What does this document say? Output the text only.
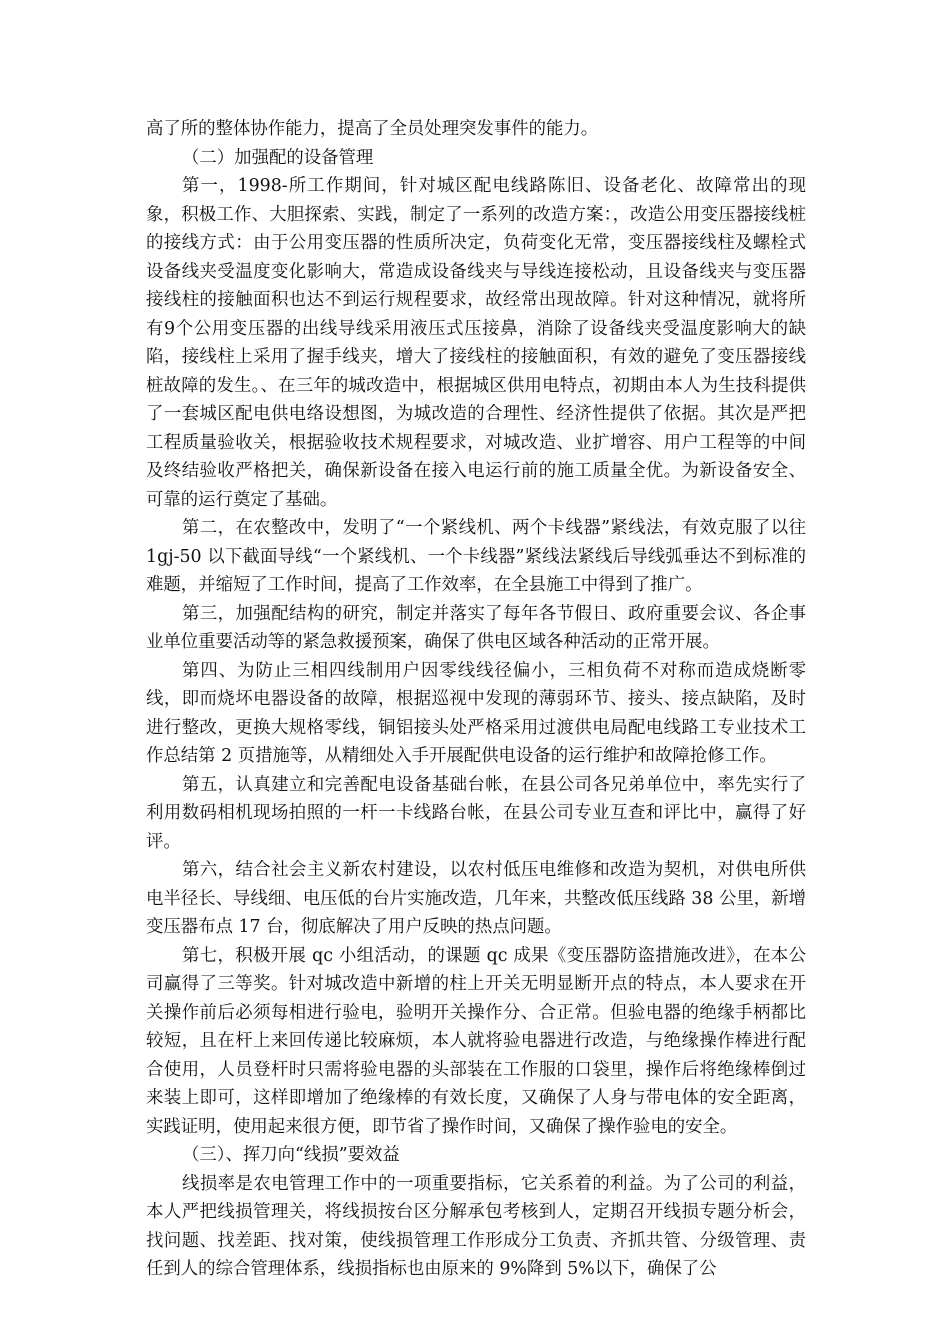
高了所的整体协作能力，提高了全员处理突发事件的能力。

（二）加强配的设备管理

第一，1998-所工作期间，针对城区配电线路陈旧、设备老化、故障常出的现象，积极工作、大胆探索、实践，制定了一系列的改造方案：，改造公用变压器接线桩的接线方式：由于公用变压器的性质所决定，负荷变化无常，变压器接线柱及螺栓式设备线夹受温度变化影响大，常造成设备线夹与导线连接松动，且设备线夹与变压器接线柱的接触面积也达不到运行规程要求，故经常出现故障。针对这种情况，就将所有9个公用变压器的出线导线采用液压式压接鼻，消除了设备线夹受温度影响大的缺陷，接线柱上采用了握手线夹，增大了接线柱的接触面积，有效的避免了变压器接线桩故障的发生。、在三年的城改造中，根据城区供用电特点，初期由本人为生技科提供了一套城区配电供电络设想图，为城改造的合理性、经济性提供了依据。其次是严把工程质量验收关，根据验收技术规程要求，对城改造、业扩增容、用户工程等的中间及终结验收严格把关，确保新设备在接入电运行前的施工质量全优。为新设备安全、可靠的运行奠定了基础。

第二，在农整改中，发明了“一个紧线机、两个卡线器”紧线法，有效克服了以往 1gj-50 以下截面导线“一个紧线机、一个卡线器”紧线法紧线后导线弧垂达不到标准的难题，并缩短了工作时间，提高了工作效率，在全县施工中得到了推广。

第三，加强配结构的研究，制定并落实了每年各节假日、政府重要会议、各企事业单位重要活动等的紧急救援预案，确保了供电区域各种活动的正常开展。

第四、为防止三相四线制用户因零线线径偏小，三相负荷不对称而造成烧断零线，即而烧坏电器设备的故障，根据巡视中发现的薄弱环节、接头、接点缺陷，及时进行整改，更换大规格零线，铜铝接头处严格采用过渡供电局配电线路工专业技术工作总结第 2 页措施等，从精细处入手开展配供电设备的运行维护和故障抢修工作。

第五，认真建立和完善配电设备基础台帐，在县公司各兄弟单位中，率先实行了利用数码相机现场拍照的一杆一卡线路台帐，在县公司专业互查和评比中，赢得了好评。

第六，结合社会主义新农村建设，以农村低压电维修和改造为契机，对供电所供电半径长、导线细、电压低的台片实施改造，几年来，共整改低压线路 38 公里，新增变压器布点 17 台，彻底解决了用户反映的热点问题。

第七，积极开展 qc 小组活动，的课题 qc 成果《变压器防盗措施改进》，在本公司赢得了三等奖。针对城改造中新增的柱上开关无明显断开点的特点，本人要求在开关操作前后必须每相进行验电，验明开关操作分、合正常。但验电器的绝缘手柄都比较短，且在杆上来回传递比较麻烦，本人就将验电器进行改造，与绝缘操作棒进行配合使用，人员登杆时只需将验电器的头部装在工作服的口袋里，操作后将绝缘棒倒过来装上即可，这样即增加了绝缘棒的有效长度，又确保了人身与带电体的安全距离，实践证明，使用起来很方便，即节省了操作时间，又确保了操作验电的安全。

（三）、挥刀向“线损”要效益

线损率是农电管理工作中的一项重要指标，它关系着的利益。为了公司的利益，本人严把线损管理关，将线损按台区分解承包考核到人，定期召开线损专题分析会，找问题、找差距、找对策，使线损管理工作形成分工负责、齐抓共管、分级管理、责任到人的综合管理体系，线损指标也由原来的 9%降到 5%以下，确保了公
